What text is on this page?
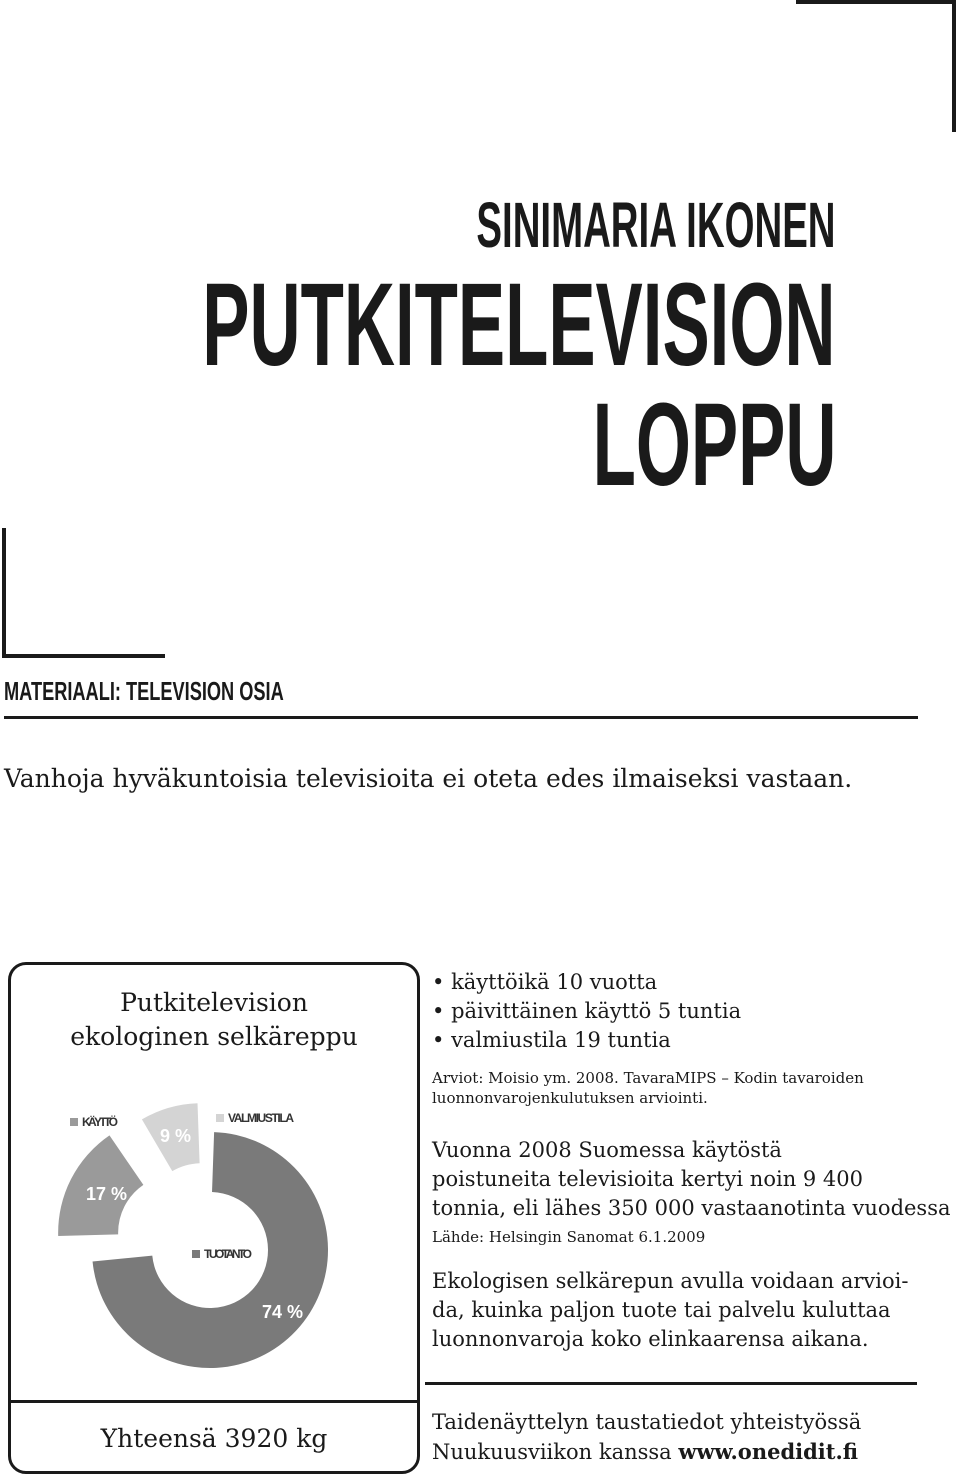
SINIMARIA IKONEN
PUTKITELEVISION
LOPPU
MATERIAALI: TELEVISION OSIA
Vanhoja hyväkuntoisia televisioita ei oteta edes ilmaiseksi vastaan.
Putkitelevision
ekologinen selkäreppu
TUOTANTO
KÄYTTÖ	VALMIUSTILA
74 %
17 %
9 %
Yhteensä 3920 kg
• käyttöikä 10 vuotta
• päivittäinen käyttö 5 tuntia
• valmiustila 19 tuntia
Arviot: Moisio ym. 2008. TavaraMIPS – Kodin tavaroiden
luonnonvarojenkulutuksen arviointi.
Vuonna 2008 Suomessa käytöstä
poistuneita televisioita kertyi noin 9 400
tonnia, eli lähes 350 000 vastaanotinta vuodessa
Lähde: Helsingin Sanomat 6.1.2009
Ekologisen selkärepun avulla voidaan arvioi-
da, kuinka paljon tuote tai palvelu kuluttaa
luonnonvaroja koko elinkaarensa aikana.
Taidenäyttelyn taustatiedot yhteistyössä
Nuukuusviikon kanssa www.onedidit.fi
